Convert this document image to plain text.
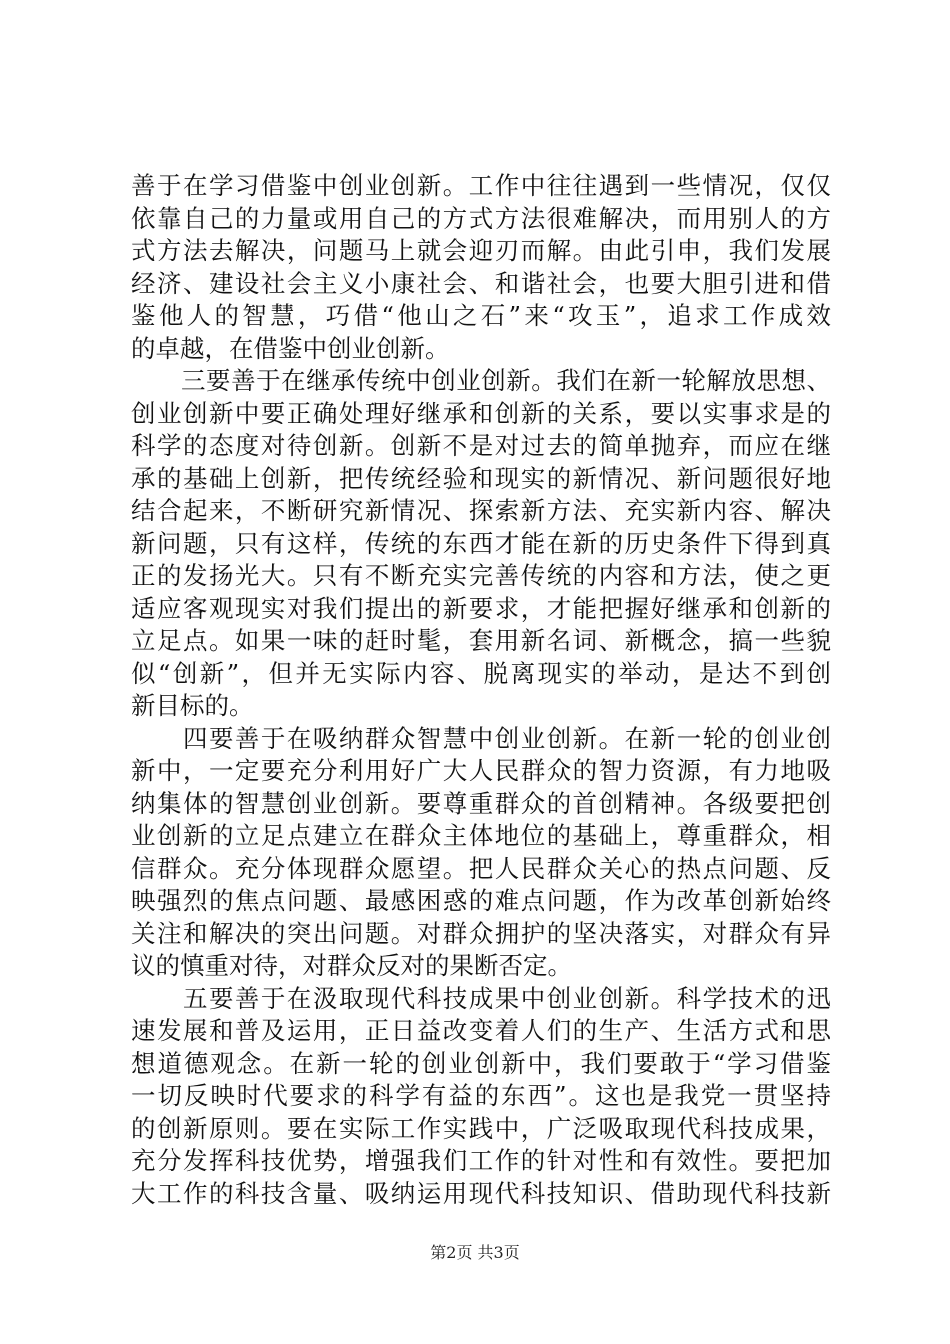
善于在学习借鉴中创业创新。工作中往往遇到一些情况，仅仅
依靠自己的力量或用自己的方式方法很难解决，而用别人的方
式方法去解决，问题马上就会迎刃而解。由此引申，我们发展
经济、建设社会主义小康社会、和谐社会，也要大胆引进和借
鉴他人的智慧，巧借“他山之石”来“攻玉”，追求工作成效
的卓越，在借鉴中创业创新。
　　三要善于在继承传统中创业创新。我们在新一轮解放思想、
创业创新中要正确处理好继承和创新的关系，要以实事求是的
科学的态度对待创新。创新不是对过去的简单抛弃，而应在继
承的基础上创新，把传统经验和现实的新情况、新问题很好地
结合起来，不断研究新情况、探索新方法、充实新内容、解决
新问题，只有这样，传统的东西才能在新的历史条件下得到真
正的发扬光大。只有不断充实完善传统的内容和方法，使之更
适应客观现实对我们提出的新要求，才能把握好继承和创新的
立足点。如果一味的赶时髦，套用新名词、新概念，搞一些貌
似“创新”，但并无实际内容、脱离现实的举动，是达不到创
新目标的。
　　四要善于在吸纳群众智慧中创业创新。在新一轮的创业创
新中，一定要充分利用好广大人民群众的智力资源，有力地吸
纳集体的智慧创业创新。要尊重群众的首创精神。各级要把创
业创新的立足点建立在群众主体地位的基础上，尊重群众，相
信群众。充分体现群众愿望。把人民群众关心的热点问题、反
映强烈的焦点问题、最感困惑的难点问题，作为改革创新始终
关注和解决的突出问题。对群众拥护的坚决落实，对群众有异
议的慎重对待，对群众反对的果断否定。
　　五要善于在汲取现代科技成果中创业创新。科学技术的迅
速发展和普及运用，正日益改变着人们的生产、生活方式和思
想道德观念。在新一轮的创业创新中，我们要敢于“学习借鉴
一切反映时代要求的科学有益的东西”。这也是我党一贯坚持
的创新原则。要在实际工作实践中，广泛吸取现代科技成果，
充分发挥科技优势，增强我们工作的针对性和有效性。要把加
大工作的科技含量、吸纳运用现代科技知识、借助现代科技新
第2页 共3页
